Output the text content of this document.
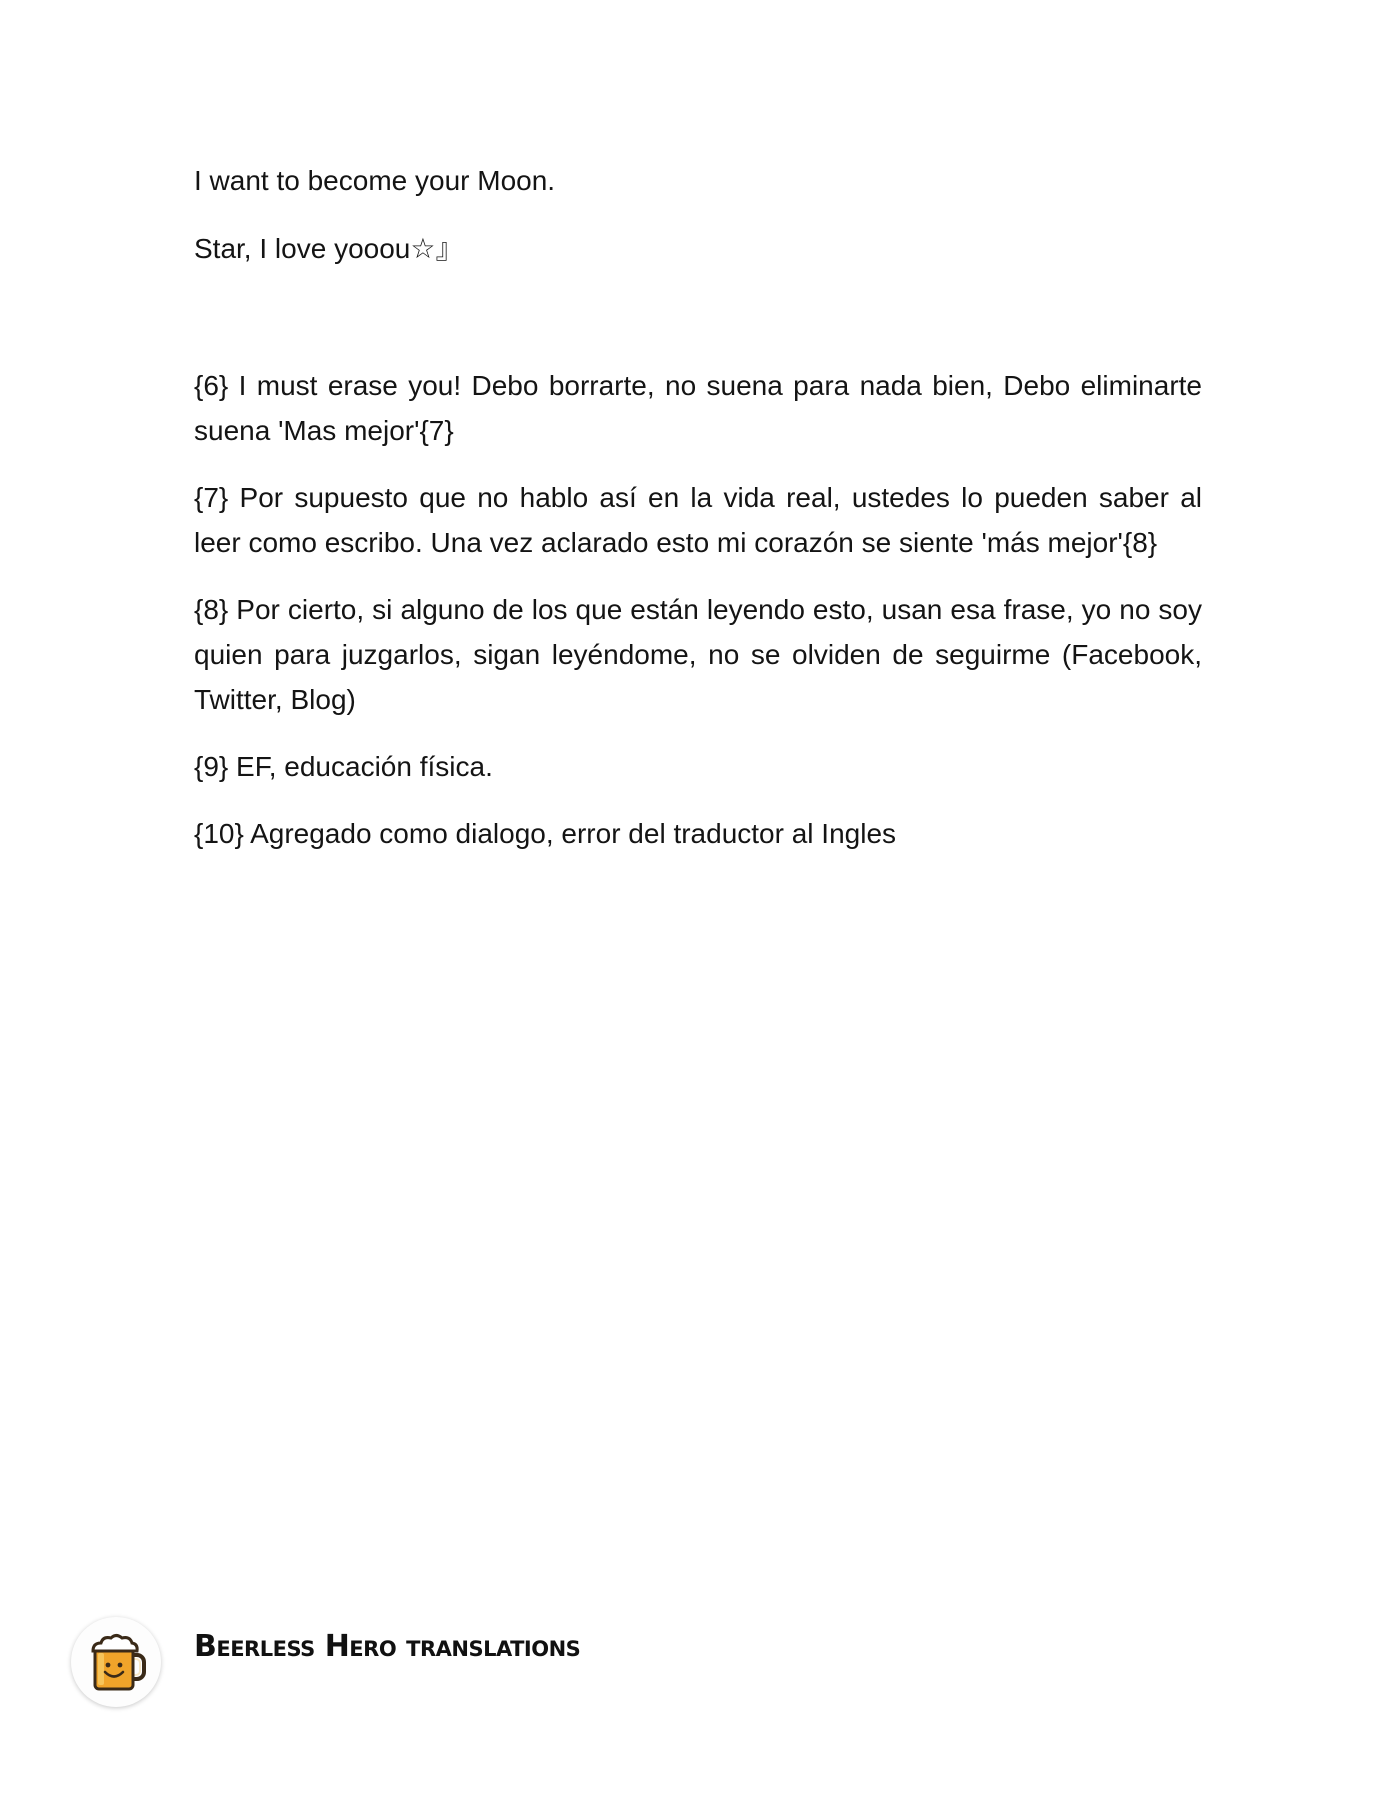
I want to become your Moon.

Star, I love yooou☆』

{6} I must erase you! Debo borrarte, no suena para nada bien, Debo eliminarte suena 'Mas mejor'{7}

{7} Por supuesto que no hablo así en la vida real, ustedes lo pueden saber al leer como escribo. Una vez aclarado esto mi corazón se siente 'más mejor'{8}

{8} Por cierto, si alguno de los que están leyendo esto, usan esa frase, yo no soy quien para juzgarlos, sigan leyéndome, no se olviden de seguirme (Facebook, Twitter, Blog)

{9} EF, educación física.

{10} Agregado como dialogo, error del traductor al Ingles

Beerless Hero translations
